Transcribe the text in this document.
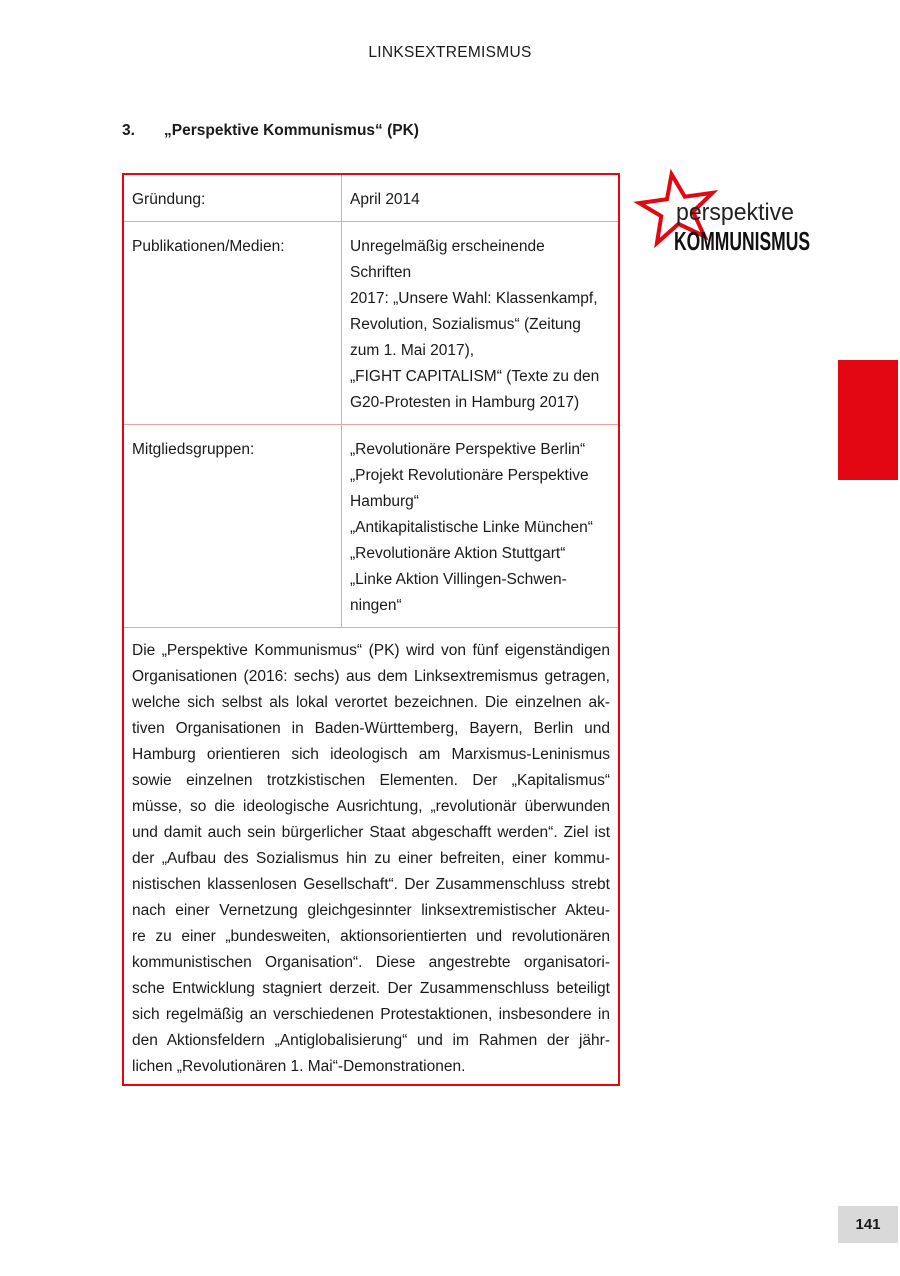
LINKSEXTREMISMUS
3. „Perspektive Kommunismus“ (PK)
Gründung:	April 2014
Publikationen/Medien:	Unregelmäßig erscheinende
Schriften
2017: „Unsere Wahl: Klassenkampf,
Revolution, Sozialismus“ (Zeitung
zum 1. Mai 2017),
„FIGHT CAPITALISM“ (Texte zu den
G20-Protesten in Hamburg 2017)
Mitgliedsgruppen:	„Revolutionäre Perspektive Berlin“
„Projekt Revolutionäre Perspektive
Hamburg“
„Antikapitalistische Linke München“
„Revolutionäre Aktion Stuttgart“
„Linke Aktion Villingen-Schwen-
ningen“
Die „Perspektive Kommunismus“ (PK) wird von fünf eigenständigen
Organisationen (2016: sechs) aus dem Linksextremismus getragen,
welche sich selbst als lokal verortet bezeichnen. Die einzelnen ak-
tiven Organisationen in Baden-Württemberg, Bayern, Berlin und
Hamburg orientieren sich ideologisch am Marxismus-Leninismus
sowie einzelnen trotzkistischen Elementen. Der „Kapitalismus“
müsse, so die ideologische Ausrichtung, „revolutionär überwunden
und damit auch sein bürgerlicher Staat abgeschafft werden“. Ziel ist
der „Aufbau des Sozialismus hin zu einer befreiten, einer kommu-
nistischen klassenlosen Gesellschaft“. Der Zusammenschluss strebt
nach einer Vernetzung gleichgesinnter linksextremistischer Akteu-
re zu einer „bundesweiten, aktionsorientierten und revolutionären
kommunistischen Organisation“. Diese angestrebte organisatori-
sche Entwicklung stagniert derzeit. Der Zusammenschluss beteiligt
sich regelmäßig an verschiedenen Protestaktionen, insbesondere in
den Aktionsfeldern „Antiglobalisierung“ und im Rahmen der jähr-
lichen „Revolutionären 1. Mai“-Demonstrationen.
perspektive
KOMMUNISMUS
141
